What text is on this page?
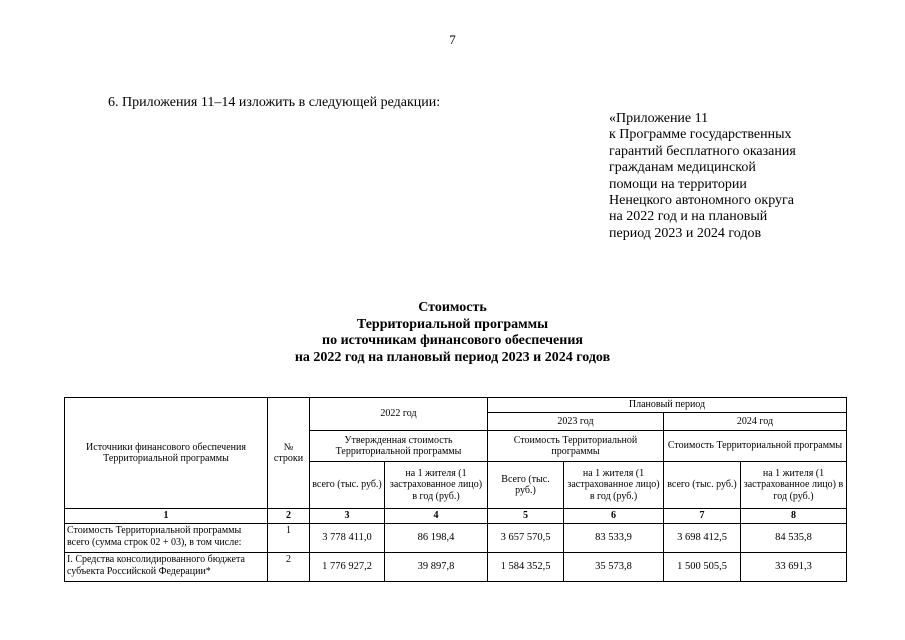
7
6. Приложения 11–14 изложить в следующей редакции:
«Приложение 11
к Программе государственных
гарантий бесплатного оказания
гражданам медицинской
помощи на территории
Ненецкого автономного округа
на 2022 год и на плановый
период 2023 и 2024 годов
Стоимость
Территориальной программы
по источникам финансового обеспечения
на 2022 год на плановый период 2023 и 2024 годов
Источники финансового обеспечения Территориальной программы	№ строки	2022 год		Плановый период			
				2023 год		2024 год	
		Утвержденная стоимость Территориальной программы		Стоимость Территориальной программы		Стоимость Территориальной программы	
		всего (тыс. руб.)	на 1 жителя (1 застрахованное лицо) в год (руб.)	Всего (тыс. руб.)	на 1 жителя (1 застрахованное лицо) в год (руб.)	всего (тыс. руб.)	на 1 жителя (1 застрахованное лицо) в год (руб.)
1	2	3	4	5	6	7	8
Стоимость Территориальной программы всего (сумма строк 02 + 03), в том числе:	1	3 778 411,0	86 198,4	3 657 570,5	83 533,9	3 698 412,5	84 535,8
I. Средства консолидированного бюджета субъекта Российской Федерации*	2	1 776 927,2	39 897,8	1 584 352,5	35 573,8	1 500 505,5	33 691,3
